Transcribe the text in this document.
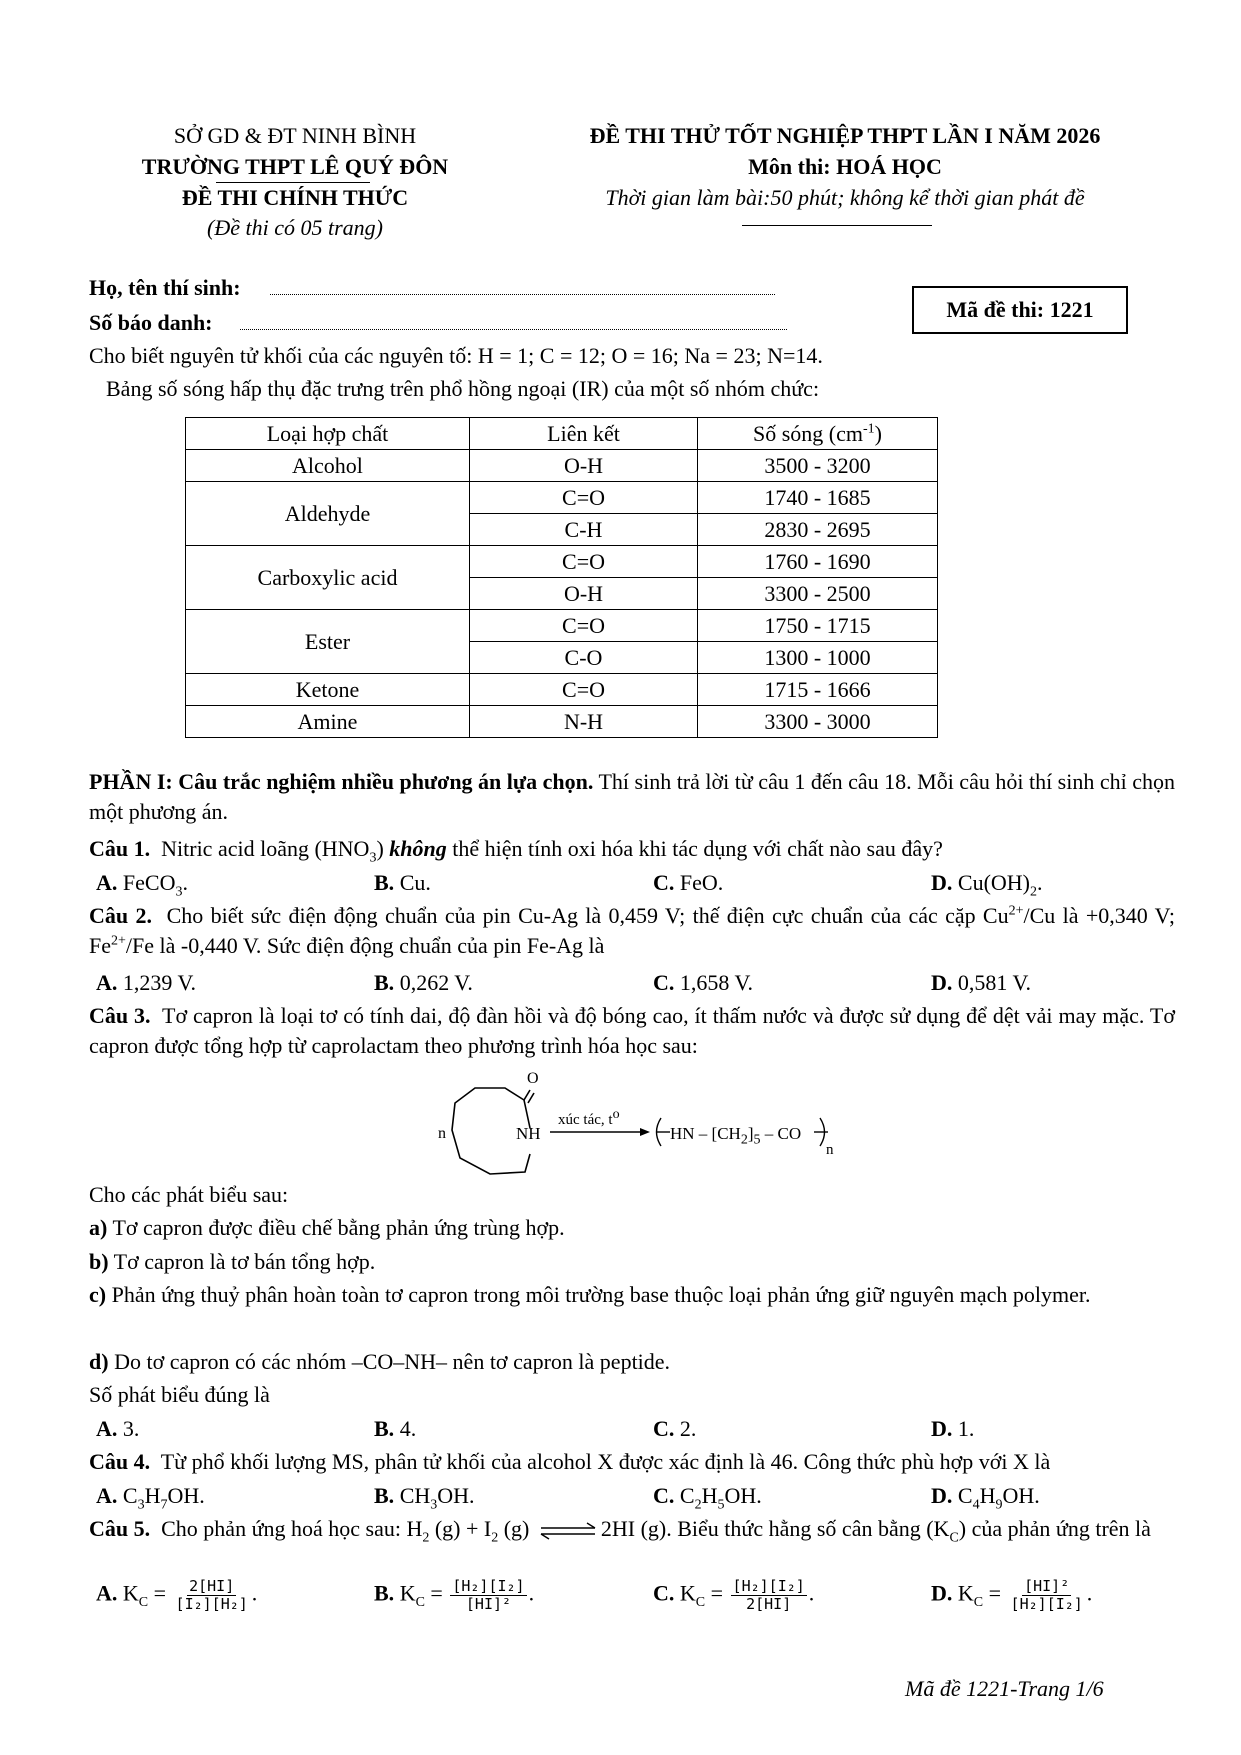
SỞ GD & ĐT NINH BÌNH
TRƯỜNG THPT LÊ QUÝ ĐÔN
ĐỀ THI CHÍNH THỨC
(Đề thi có 05 trang)
ĐỀ THI THỬ TỐT NGHIỆP THPT LẦN I NĂM 2026
Môn thi: HOÁ HỌC
Thời gian làm bài:50 phút; không kể thời gian phát đề
Họ, tên thí sinh:
Số báo danh:
Mã đề thi: 1221
Cho biết nguyên tử khối của các nguyên tố: H = 1; C = 12; O = 16; Na = 23; N=14.
Bảng số sóng hấp thụ đặc trưng trên phổ hồng ngoại (IR) của một số nhóm chức:
Loại hợp chất	Liên kết	Số sóng $(cm^{-1})$
Alcohol	O-H	3500 - 3200
Aldehyde	C=O	1740 - 1685
	C-H	2830 - 2695
Carboxylic acid	C=O	1760 - 1690
	O-H	3300 - 2500
Ester	C=O	1750 - 1715
	C-O	1300 - 1000
Ketone	C=O	1715 - 1666
Amine	N-H	3300 - 3000
PHẦN I: Câu trắc nghiệm nhiều phương án lựa chọn. Thí sinh trả lời từ câu 1 đến câu 18. Mỗi câu hỏi thí sinh chỉ chọn một phương án.
Câu 1. Nitric acid loãng $(HNO_3)$ không thể hiện tính oxi hóa khi tác dụng với chất nào sau đây?
A. FeCO$_3$.	B. Cu.	C. FeO.	D. $Cu(OH)_2$.
Câu 2. Cho biết sức điện động chuẩn của pin Cu-Ag là 0,459 V; thế điện cực chuẩn của các cặp $Cu^{2+}/Cu$ là +0,340 V; $Fe^{2+}/Fe$ là -0,440 V. Sức điện động chuẩn của pin Fe-Ag là
A. 1,239 V.	B. 0,262 V.	C. 1,658 V.	D. 0,581 V.
Câu 3. Tơ capron là loại tơ có tính dai, độ đàn hồi và độ bóng cao, ít thấm nước và được sử dụng để dệt vải may mặc. Tơ capron được tổng hợp từ caprolactam theo phương trình hóa học sau:
n
O
NH
xúc tác, $t^o$
HN – $[CH_2]_5$ – CO
n
Cho các phát biểu sau:
a) Tơ capron được điều chế bằng phản ứng trùng hợp.
b) Tơ capron là tơ bán tổng hợp.
c) Phản ứng thuỷ phân hoàn toàn tơ capron trong môi trường base thuộc loại phản ứng giữ nguyên mạch polymer.
d) Do tơ capron có các nhóm –CO–NH– nên tơ capron là peptide.
Số phát biểu đúng là
A. 3.	B. 4.	C. 2.	D. 1.
Câu 4. Từ phổ khối lượng MS, phân tử khối của alcohol X được xác định là 46. Công thức phù hợp với X là
A. $C_3H_7OH$.	B. $CH_3OH$.	C. $C_2H_5OH$.	D. $C_4H_9OH$.
Câu 5. Cho phản ứng hoá học sau: $H_2$ $(g) + I_2$ (g) ⇌ 2HI (g). Biểu thức hằng số cân bằng $(K_C)$ của phản ứng trên là
A. $K_C = \frac{2[HI]}{\text{[I₂][H₂]}}$ .	B. $K_C = \frac{\text{[H₂][I₂]}}{\text{[HI]²}}$ .	C. $K_C = \frac{\text{[H₂][I₂]}}{2[HI]}$ .	D. $K_C = \frac{\text{[HI]²}}{\text{[H₂][I₂]}}$ .
Mã đề 1221-Trang 1/6
